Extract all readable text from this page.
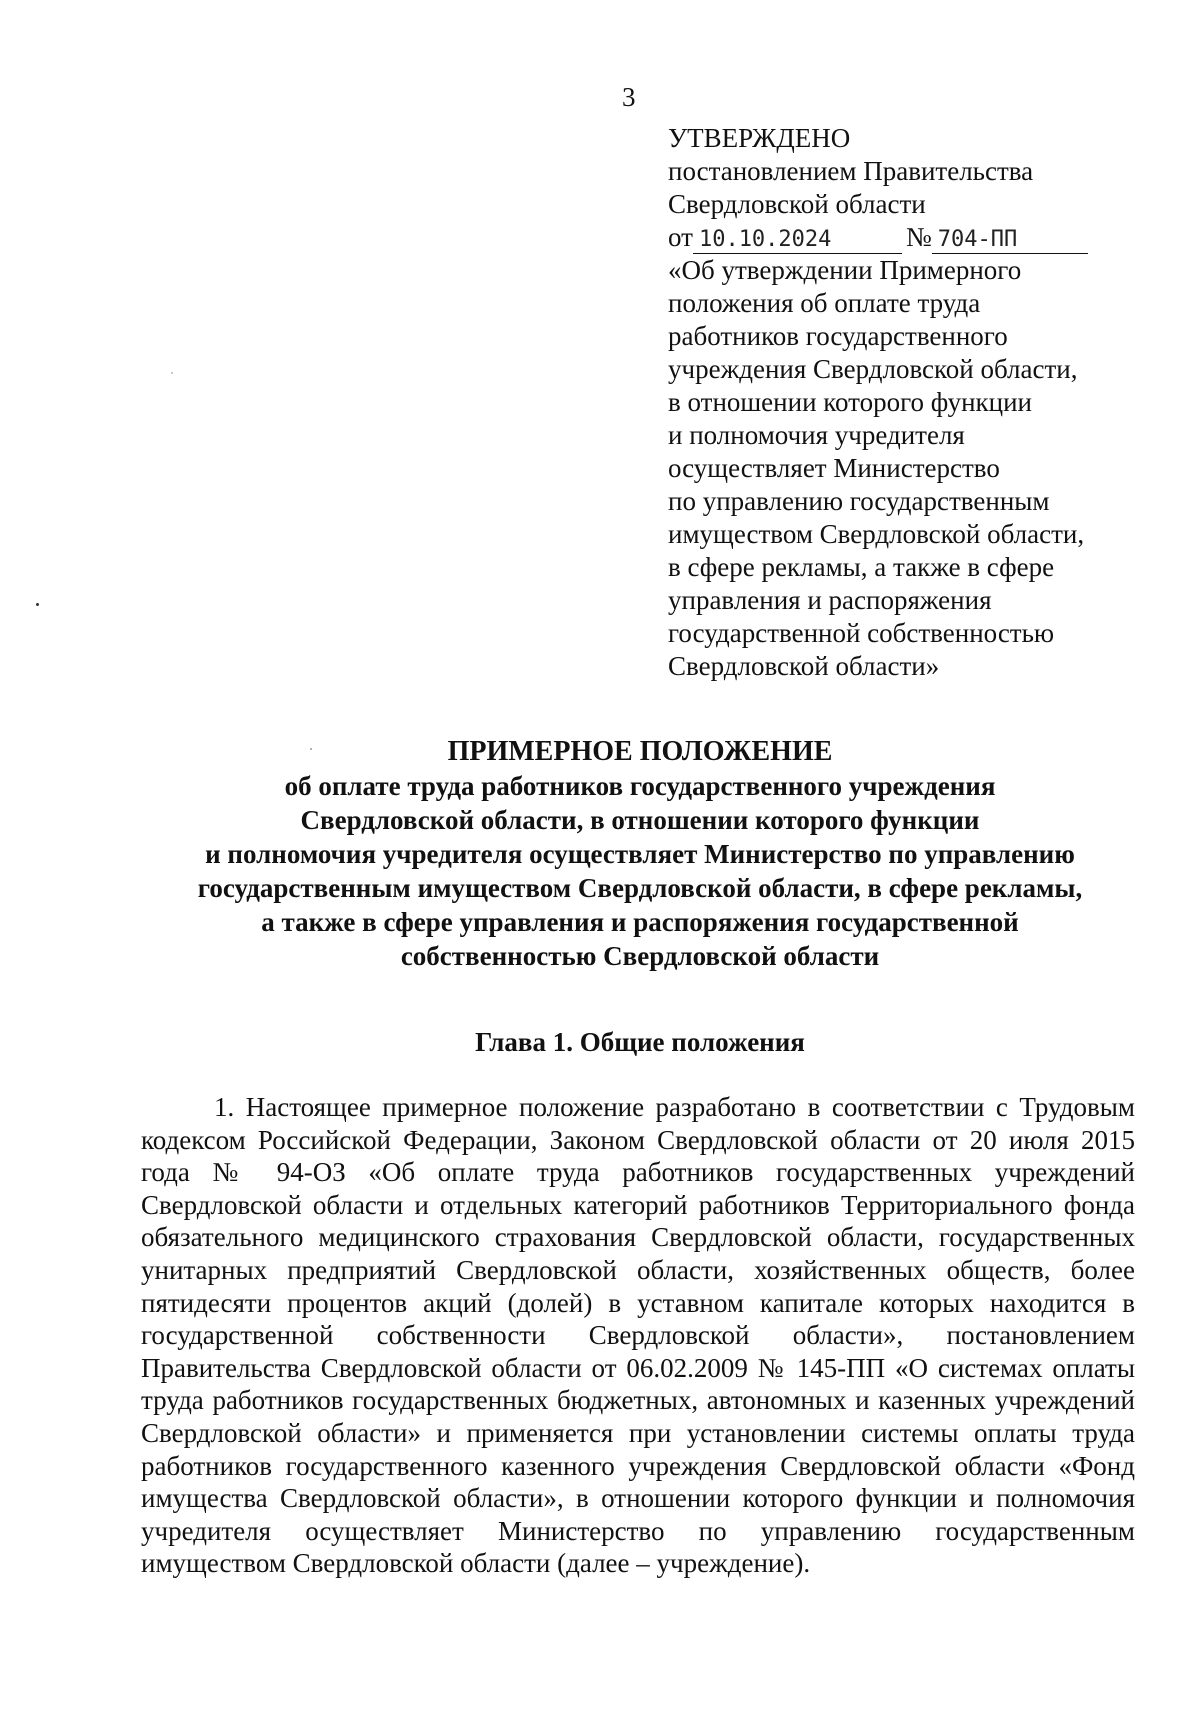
3
УТВЕРЖДЕНО
постановлением Правительства
Свердловской области
от 10.10.2024	№ 704-ПП
«Об утверждении Примерного
положения об оплате труда
работников государственного
учреждения Свердловской области,
в отношении которого функции
и полномочия учредителя
осуществляет Министерство
по управлению государственным
имуществом Свердловской области,
в сфере рекламы, а также в сфере
управления и распоряжения
государственной собственностью
Свердловской области»
ПРИМЕРНОЕ ПОЛОЖЕНИЕ
об оплате труда работников государственного учреждения
Свердловской области, в отношении которого функции
и полномочия учредителя осуществляет Министерство по управлению
государственным имуществом Свердловской области, в сфере рекламы,
а также в сфере управления и распоряжения государственной
собственностью Свердловской области
Глава 1. Общие положения
1. Настоящее примерное положение разработано в соответствии с Трудовым кодексом Российской Федерации, Законом Свердловской области от 20 июля 2015 года № 94-ОЗ «Об оплате труда работников государственных учреждений Свердловской области и отдельных категорий работников Территориального фонда обязательного медицинского страхования Свердловской области, государственных унитарных предприятий Свердловской области, хозяйственных обществ, более пятидесяти процентов акций (долей) в уставном капитале которых находится в государственной собственности Свердловской области», постановлением Правительства Свердловской области от 06.02.2009 № 145-ПП «О системах оплаты труда работников государственных бюджетных, автономных и казенных учреждений Свердловской области» и применяется при установлении системы оплаты труда работников государственного казенного учреждения Свердловской области «Фонд имущества Свердловской области», в отношении которого функции и полномочия учредителя осуществляет Министерство по управлению государственным имуществом Свердловской области (далее – учреждение).
